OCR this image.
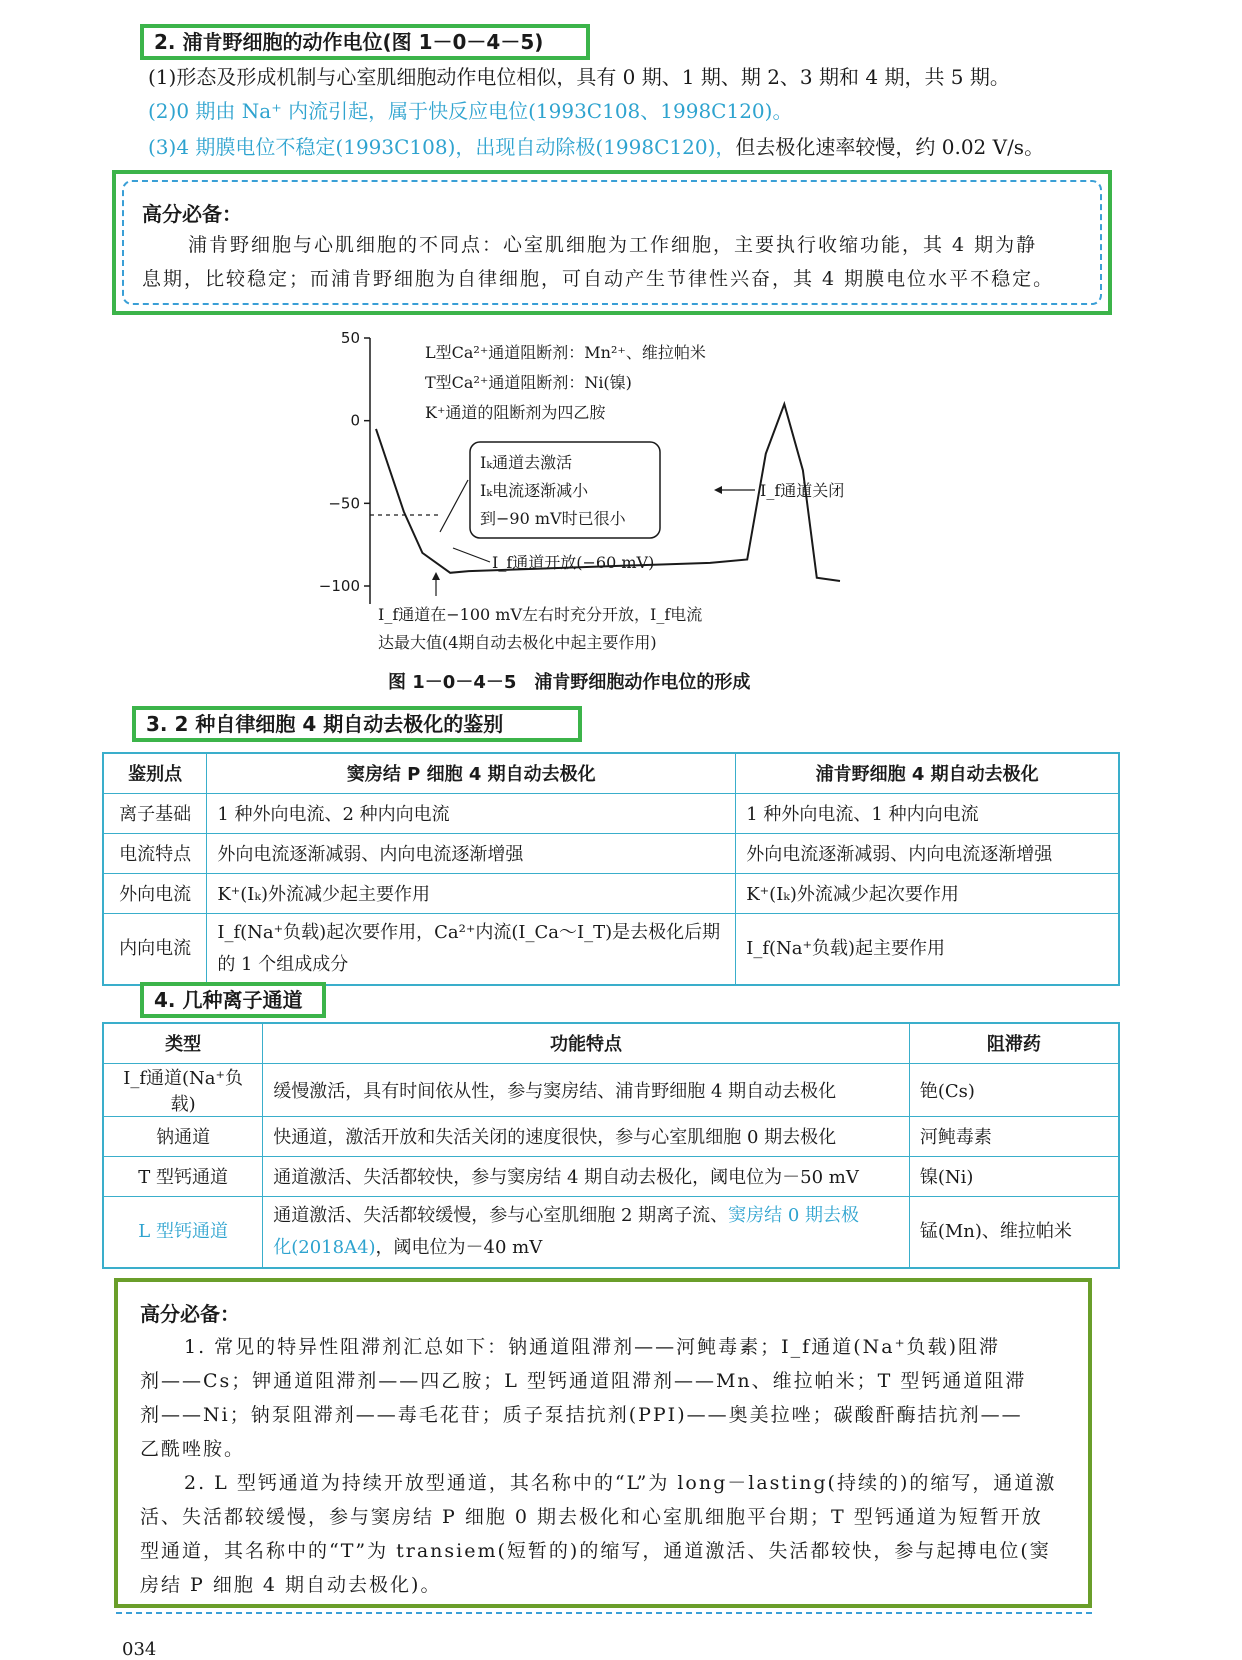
2. 浦肯野细胞的动作电位(图 1－0－4－5)
(1)形态及形成机制与心室肌细胞动作电位相似，具有 0 期、1 期、期 2、3 期和 4 期，共 5 期。
(2)0 期由 Na⁺ 内流引起，属于快反应电位(1993C108、1998C120)。
(3)4 期膜电位不稳定(1993C108)，出现自动除极(1998C120)，但去极化速率较慢，约 0.02 V/s。
高分必备：
浦肯野细胞与心肌细胞的不同点：心室肌细胞为工作细胞，主要执行收缩功能，其 4 期为静
息期，比较稳定；而浦肯野细胞为自律细胞，可自动产生节律性兴奋，其 4 期膜电位水平不稳定。
50
0
−50
−100
L型Ca²⁺通道阻断剂：Mn²⁺、维拉帕米
T型Ca²⁺通道阻断剂：Ni(镍)
K⁺通道的阻断剂为四乙胺
Iₖ通道去激活
Iₖ电流逐渐减小
到−90 mV时已很小
I_f通道开放(−60 mV)
I_f通道关闭
I_f通道在−100 mV左右时充分开放，I_f电流
达最大值(4期自动去极化中起主要作用)
图 1－0－4－5　浦肯野细胞动作电位的形成
3. 2 种自律细胞 4 期自动去极化的鉴别
鉴别点	窦房结 P 细胞 4 期自动去极化	浦肯野细胞 4 期自动去极化
离子基础	1 种外向电流、2 种内向电流	1 种外向电流、1 种内向电流
电流特点	外向电流逐渐减弱、内向电流逐渐增强	外向电流逐渐减弱、内向电流逐渐增强
外向电流	K⁺(Iₖ)外流减少起主要作用	K⁺(Iₖ)外流减少起次要作用
内向电流	I_f(Na⁺负载)起次要作用，Ca²⁺内流(I_Ca～I_T)是去极化后期的 1 个组成成分	I_f(Na⁺负载)起主要作用
4. 几种离子通道
类型	功能特点	阻滞药
I_f通道(Na⁺负载)	缓慢激活，具有时间依从性，参与窦房结、浦肯野细胞 4 期自动去极化	铯(Cs)
钠通道	快通道，激活开放和失活关闭的速度很快，参与心室肌细胞 0 期去极化	河鲀毒素
T 型钙通道	通道激活、失活都较快，参与窦房结 4 期自动去极化，阈电位为－50 mV	镍(Ni)
L 型钙通道	通道激活、失活都较缓慢，参与心室肌细胞 2 期离子流、窦房结 0 期去极
化(2018A4)，阈电位为－40 mV	锰(Mn)、维拉帕米
高分必备：
1. 常见的特异性阻滞剂汇总如下：钠通道阻滞剂——河鲀毒素；I_f通道(Na⁺负载)阻滞
剂——Cs；钾通道阻滞剂——四乙胺；L 型钙通道阻滞剂——Mn、维拉帕米；T 型钙通道阻滞
剂——Ni；钠泵阻滞剂——毒毛花苷；质子泵拮抗剂(PPI)——奥美拉唑；碳酸酐酶拮抗剂——
乙酰唑胺。
2. L 型钙通道为持续开放型通道，其名称中的“L”为 long－lasting(持续的)的缩写，通道激
活、失活都较缓慢，参与窦房结 P 细胞 0 期去极化和心室肌细胞平台期；T 型钙通道为短暂开放
型通道，其名称中的“T”为 transiem(短暂的)的缩写，通道激活、失活都较快，参与起搏电位(窦
房结 P 细胞 4 期自动去极化)。
034
